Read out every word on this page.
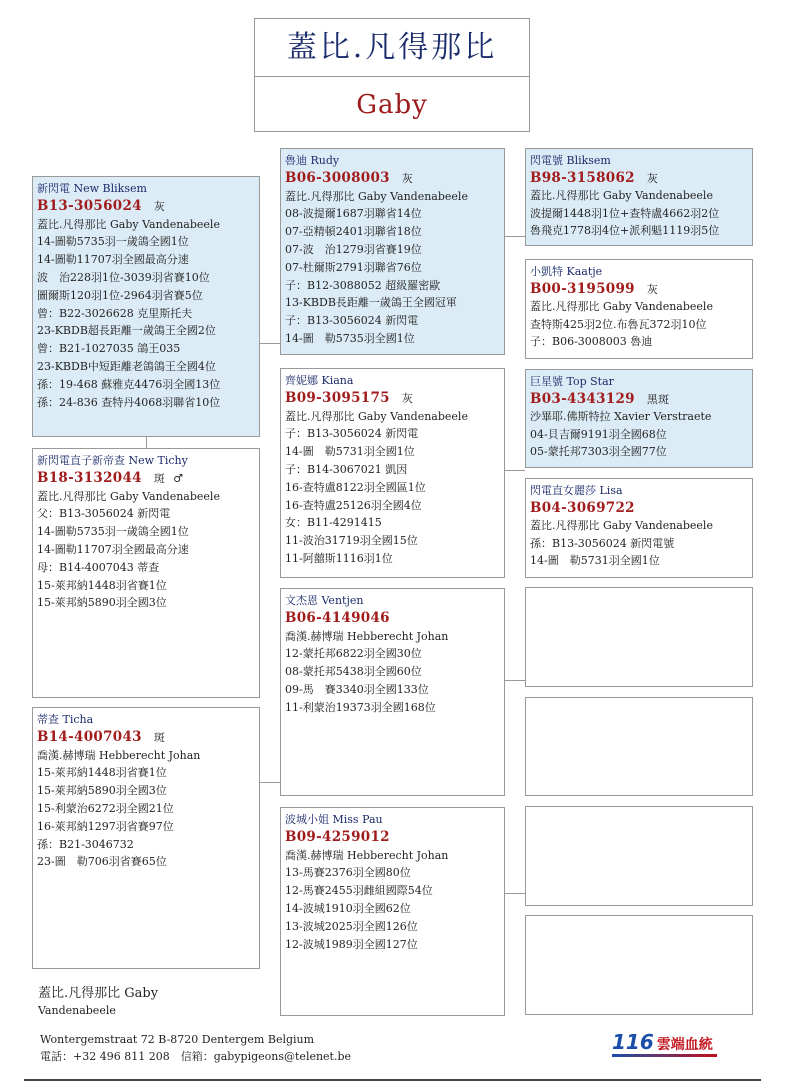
蓋比.凡得那比
Gaby
新閃電 New Bliksem
B13-3056024 灰
蓋比.凡得那比 Gaby Vandenabeele
14-圖勒5735羽一歲鴿全國1位
14-圖勒11707羽全國最高分速
波　治228羽1位-3039羽省賽10位
圖爾斯120羽1位-2964羽省賽5位
曾：B22-3026628 克里斯托夫
23-KBDB超長距離一歲鴿王全國2位
曾：B21-1027035 鴿王035
23-KBDB中短距離老鴿鴿王全國4位
孫：19-468 蘇雅克4476羽全國13位
孫：24-836 查特丹4068羽聯省10位
新閃電直子新帝查 New Tichy
B18-3132044 斑 ♂
蓋比.凡得那比 Gaby Vandenabeele
父：B13-3056024 新閃電
14-圖勒5735羽一歲鴿全國1位
14-圖勒11707羽全國最高分速
母：B14-4007043 蒂查
15-萊邦納1448羽省賽1位
15-萊邦納5890羽全國3位
蒂查 Ticha
B14-4007043 斑
喬漢.赫博瑞 Hebberecht Johan
15-萊邦納1448羽省賽1位
15-萊邦納5890羽全國3位
15-利蒙治6272羽全國21位
16-萊邦納1297羽省賽97位
孫：B21-3046732
23-圖　勒706羽省賽65位
魯迪 Rudy
B06-3008003 灰
蓋比.凡得那比 Gaby Vandenabeele
08-波提爾1687羽聯省14位
07-亞精頓2401羽聯省18位
07-波　治1279羽省賽19位
07-杜爾斯2791羽聯省76位
子：B12-3088052 超級羅密歐
13-KBDB長距離一歲鴿王全國冠軍
子：B13-3056024 新閃電
14-圖　勒5735羽全國1位
齊妮娜 Kiana
B09-3095175 灰
蓋比.凡得那比 Gaby Vandenabeele
子：B13-3056024 新閃電
14-圖　勒5731羽全國1位
子：B14-3067021 凱因
16-查特盧8122羽全國區1位
16-查特盧25126羽全國4位
女：B11-4291415
11-波治31719羽全國15位
11-阿囍斯1116羽1位
文杰恩 Ventjen
B06-4149046
喬漢.赫博瑞 Hebberecht Johan
12-蒙托邦6822羽全國30位
08-蒙托邦5438羽全國60位
09-馬　賽3340羽全國133位
11-利蒙治19373羽全國168位
波城小姐 Miss Pau
B09-4259012
喬漢.赫博瑞 Hebberecht Johan
13-馬賽2376羽全國80位
12-馬賽2455羽雌組國際54位
14-波城1910羽全國62位
13-波城2025羽全國126位
12-波城1989羽全國127位
閃電號 Bliksem
B98-3158062 灰
蓋比.凡得那比 Gaby Vandenabeele
波提爾1448羽1位+查特盧4662羽2位
魯飛克1778羽4位+派利魁1119羽5位
小凱特 Kaatje
B00-3195099 灰
蓋比.凡得那比 Gaby Vandenabeele
查特斯425羽2位.布魯瓦372羽10位
子：B06-3008003 魯迪
巨星號 Top Star
B03-4343129 黑斑
沙畢耶.佛斯特拉 Xavier Verstraete
04-貝吉爾9191羽全國68位
05-蒙托邦7303羽全國77位
閃電直女麗莎 Lisa
B04-3069722
蓋比.凡得那比 Gaby Vandenabeele
孫：B13-3056024 新閃電號
14-圖　勒5731羽全國1位
蓋比.凡得那比 Gaby
Vandenabeele
Wontergemstraat 72 B-8720 Dentergem Belgium
電話：+32 496 811 208　信箱：gabypigeons@telenet.be
116 雲端血統
